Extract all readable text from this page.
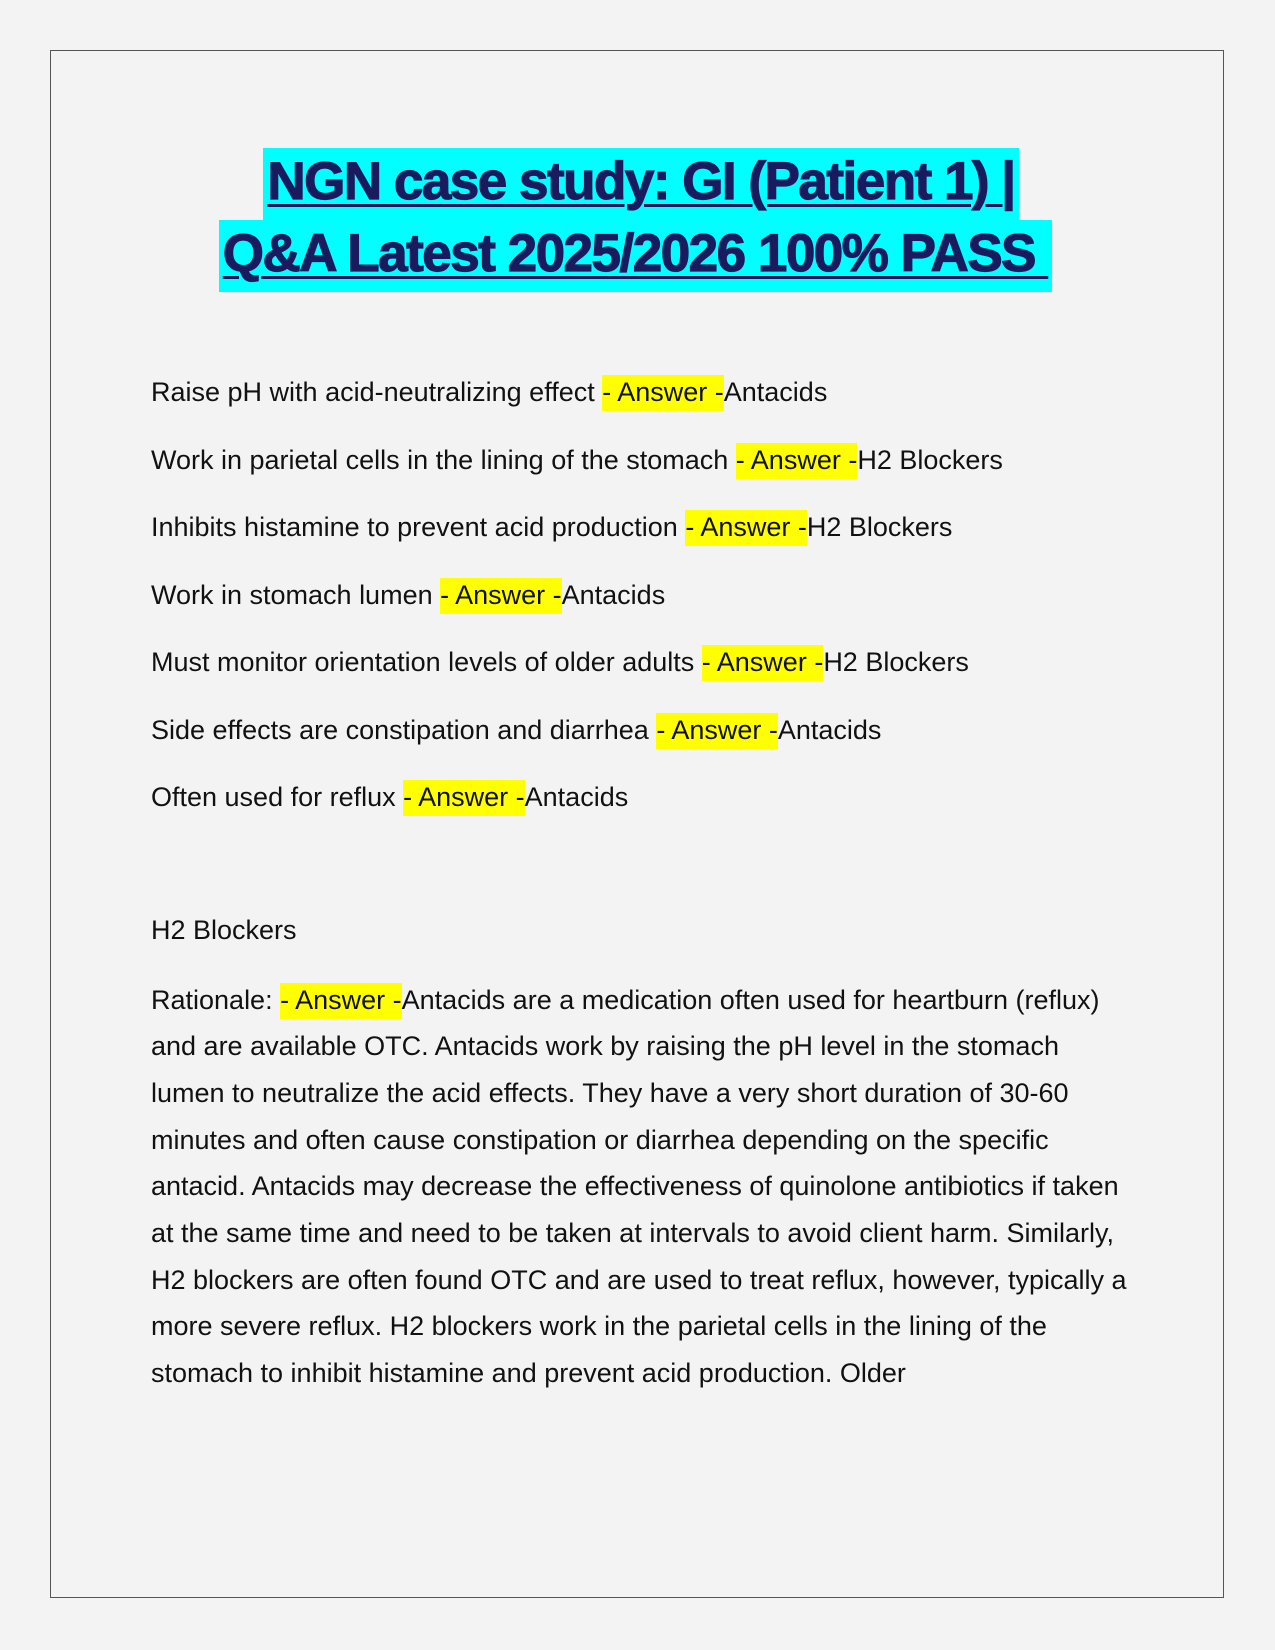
NGN case study: GI (Patient 1) |
Q&A Latest 2025/2026 100% PASS
Raise pH with acid-neutralizing effect - Answer -Antacids
Work in parietal cells in the lining of the stomach - Answer -H2 Blockers
Inhibits histamine to prevent acid production - Answer -H2 Blockers
Work in stomach lumen - Answer -Antacids
Must monitor orientation levels of older adults - Answer -H2 Blockers
Side effects are constipation and diarrhea - Answer -Antacids
Often used for reflux - Answer -Antacids
H2 Blockers
Rationale: - Answer -Antacids are a medication often used for heartburn (reflux) and are available OTC. Antacids work by raising the pH level in the stomach lumen to neutralize the acid effects. They have a very short duration of 30-60 minutes and often cause constipation or diarrhea depending on the specific antacid. Antacids may decrease the effectiveness of quinolone antibiotics if taken at the same time and need to be taken at intervals to avoid client harm. Similarly, H2 blockers are often found OTC and are used to treat reflux, however, typically a more severe reflux. H2 blockers work in the parietal cells in the lining of the stomach to inhibit histamine and prevent acid production. Older
